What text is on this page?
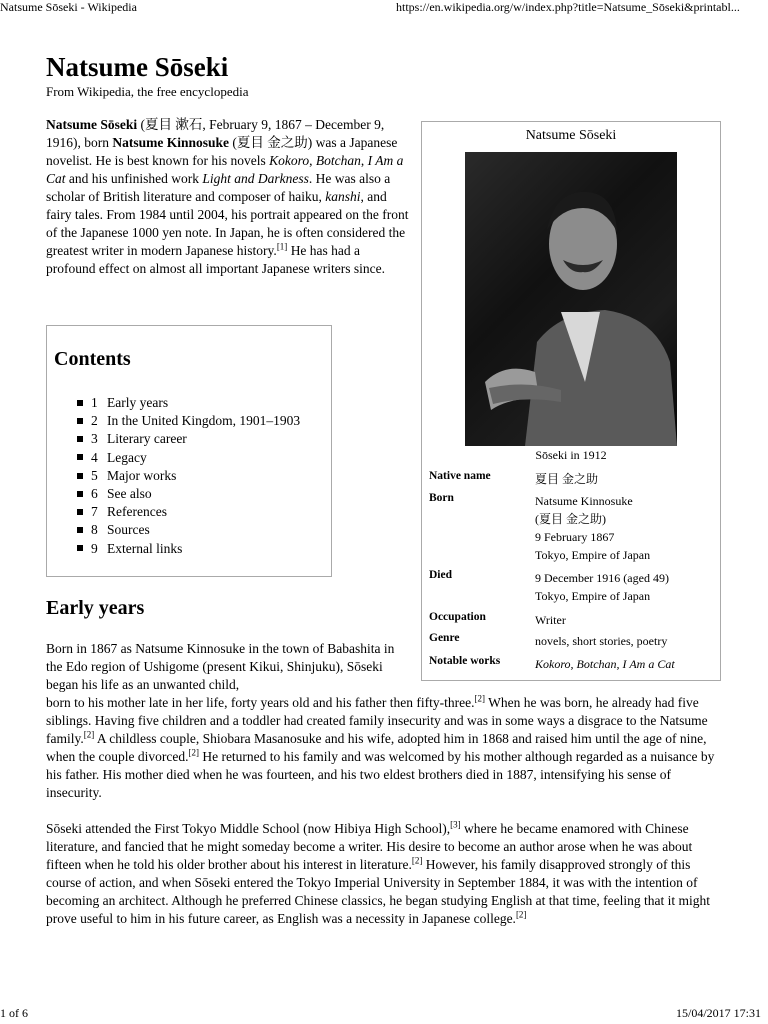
Natsume Sōseki - Wikipedia	https://en.wikipedia.org/w/index.php?title=Natsume_Sōseki&printabl...
Natsume Sōseki
From Wikipedia, the free encyclopedia

Natsume Sōseki (夏目 漱石, February 9, 1867 – December 9, 1916), born Natsume Kinnosuke (夏目 金之助) was a Japanese novelist. He is best known for his novels Kokoro, Botchan, I Am a Cat and his unfinished work Light and Darkness. He was also a scholar of British literature and composer of haiku, kanshi, and fairy tales. From 1984 until 2004, his portrait appeared on the front of the Japanese 1000 yen note. In Japan, he is often considered the greatest writer in modern Japanese history.[1] He has had a profound effect on almost all important Japanese writers since.

Contents
1 Early years
2 In the United Kingdom, 1901–1903
3 Literary career
4 Legacy
5 Major works
6 See also
7 References
8 Sources
9 External links
Early years

Born in 1867 as Natsume Kinnosuke in the town of Babashita in the Edo region of Ushigome (present Kikui, Shinjuku), Sōseki began his life as an unwanted child,

born to his mother late in her life, forty years old and his father then fifty-three.[2] When he was born, he already had five siblings. Having five children and a toddler had created family insecurity and was in some ways a disgrace to the Natsume family.[2] A childless couple, Shiobara Masanosuke and his wife, adopted him in 1868 and raised him until the age of nine, when the couple divorced.[2] He returned to his family and was welcomed by his mother although regarded as a nuisance by his father. His mother died when he was fourteen, and his two eldest brothers died in 1887, intensifying his sense of insecurity.

Sōseki attended the First Tokyo Middle School (now Hibiya High School),[3] where he became enamored with Chinese literature, and fancied that he might someday become a writer. His desire to become an author arose when he was about fifteen when he told his older brother about his interest in literature.[2] However, his family disapproved strongly of this course of action, and when Sōseki entered the Tokyo Imperial University in September 1884, it was with the intention of becoming an architect. Although he preferred Chinese classics, he began studying English at that time, feeling that it might prove useful to him in his future career, as English was a necessity in Japanese college.[2]

Natsume Sōseki
Sōseki in 1912
Native name	夏目 金之助
Born	Natsume Kinnosuke
(夏目 金之助)
9 February 1867
Tokyo, Empire of Japan
Died	9 December 1916 (aged 49)
Tokyo, Empire of Japan
Occupation	Writer
Genre	novels, short stories, poetry
Notable works	Kokoro, Botchan, I Am a Cat
1 of 6	15/04/2017 17:31
